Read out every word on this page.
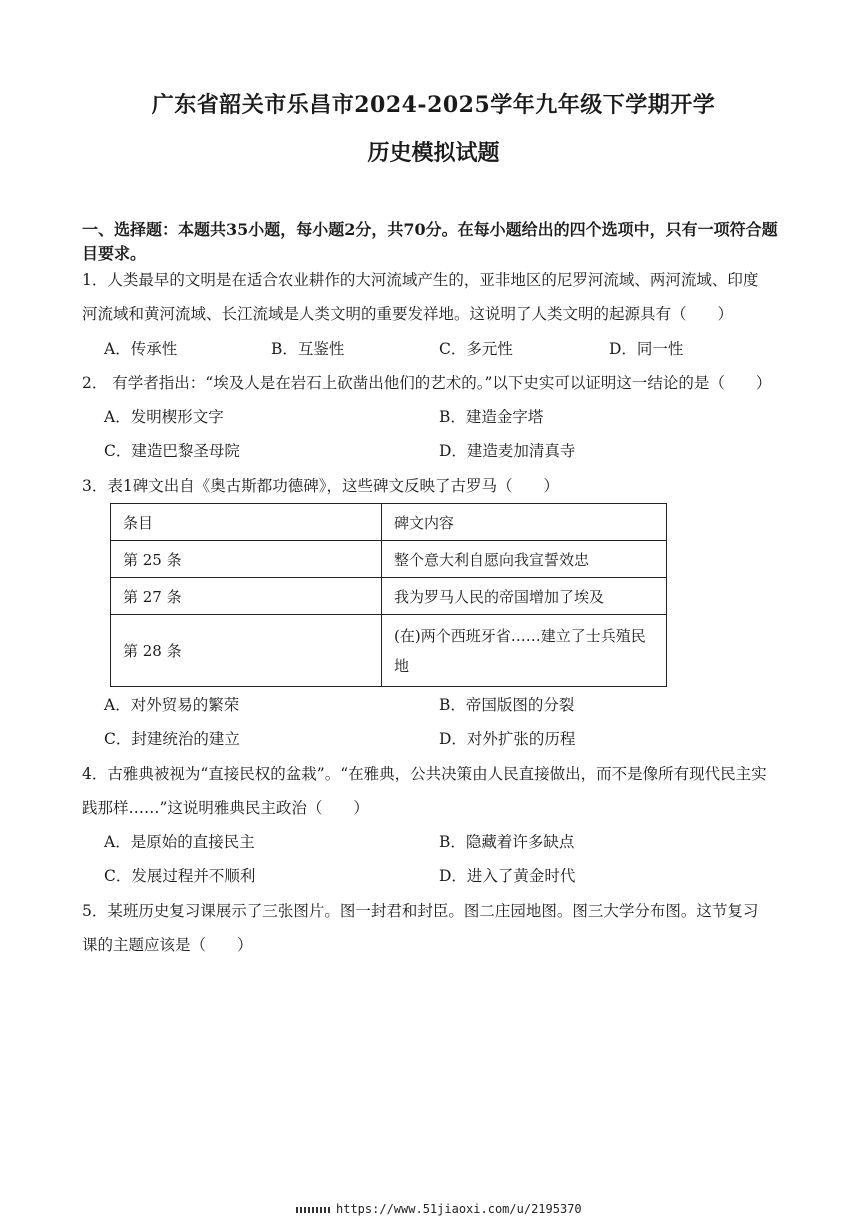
广东省韶关市乐昌市2024-2025学年九年级下学期开学
历史模拟试题
一、选择题：本题共35小题，每小题2分，共70分。在每小题给出的四个选项中，只有一项符合题目要求。
1．人类最早的文明是在适合农业耕作的大河流域产生的，亚非地区的尼罗河流域、两河流域、印度
河流域和黄河流域、长江流域是人类文明的重要发祥地。这说明了人类文明的起源具有（　　）
A．传承性	B．互鉴性	C．多元性	D．同一性
2． 有学者指出：“埃及人是在岩石上砍凿出他们的艺术的。”以下史实可以证明这一结论的是（　　）
A．发明楔形文字	B．建造金字塔
C．建造巴黎圣母院	D．建造麦加清真寺
3．表1碑文出自《奥古斯都功德碑》，这些碑文反映了古罗马（　　）
条目	碑文内容
第 25 条	整个意大利自愿向我宣誓效忠
第 27 条	我为罗马人民的帝国增加了埃及
第 28 条	(在)两个西班牙省……建立了士兵殖民地
A．对外贸易的繁荣	B．帝国版图的分裂
C．封建统治的建立	D．对外扩张的历程
4．古雅典被视为“直接民权的盆栽”。“在雅典，公共决策由人民直接做出，而不是像所有现代民主实
践那样……”这说明雅典民主政治（　　）
A．是原始的直接民主	B．隐藏着许多缺点
C．发展过程并不顺利	D．进入了黄金时代
5．某班历史复习课展示了三张图片。图一封君和封臣。图二庄园地图。图三大学分布图。这节复习
课的主题应该是（　　）
https://www.51jiaoxi.com/u/2195370
